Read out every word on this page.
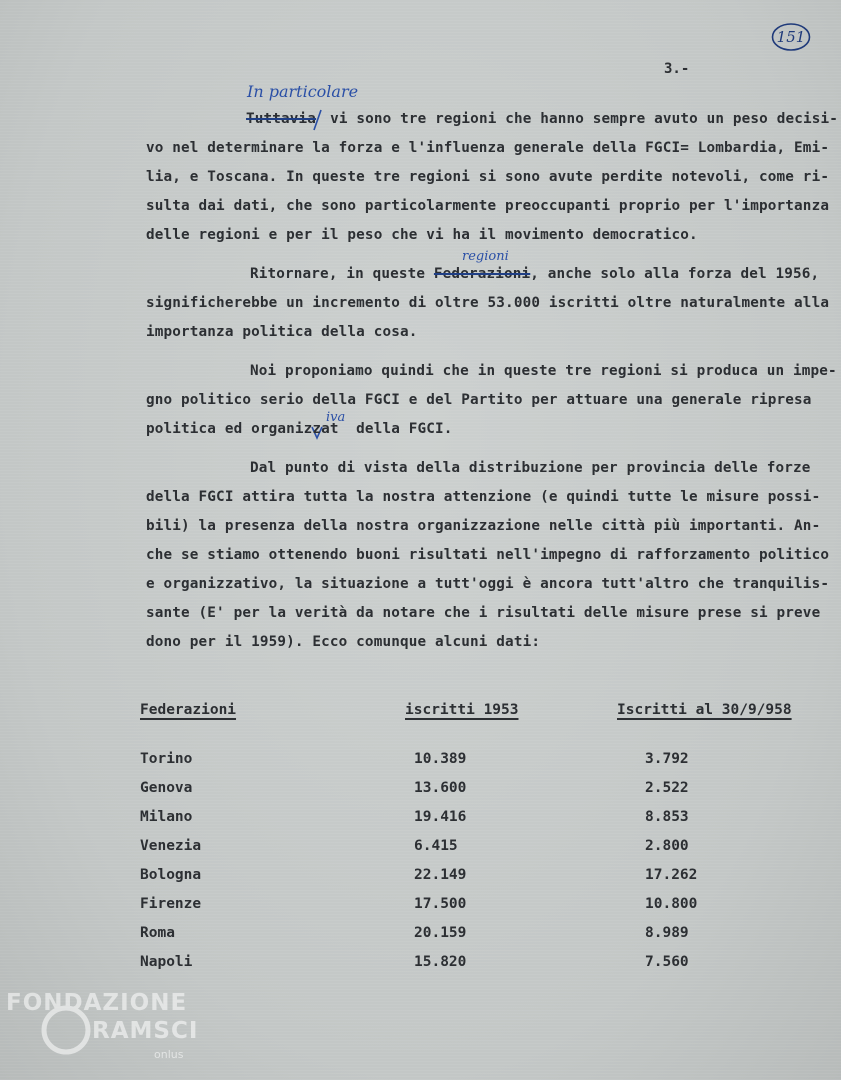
151
3.-
In particolare
regioni
iva
Tuttavia vi sono tre regioni che hanno sempre avuto un peso decisi-
vo nel determinare la forza e l'influenza generale della FGCI= Lombardia, Emi-
lia, e Toscana. In queste tre regioni si sono avute perdite notevoli, come ri-
sulta dai dati, che sono particolarmente preoccupanti proprio per l'importanza
delle regioni e per il peso che vi ha il movimento democratico.
Ritornare, in queste Federazioni, anche solo alla forza del 1956,
significherebbe un incremento di oltre 53.000 iscritti oltre naturalmente alla
importanza politica della cosa.
Noi proponiamo quindi che in queste tre regioni si produca un impe-
gno politico serio della FGCI e del Partito per attuare una generale ripresa
politica ed organizzat  della FGCI.
Dal punto di vista della distribuzione per provincia delle forze
della FGCI attira tutta la nostra attenzione (e quindi tutte le misure possi-
bili) la presenza della nostra organizzazione nelle città più importanti. An-
che se stiamo ottenendo buoni risultati nell'impegno di rafforzamento politico
e organizzativo, la situazione a tutt'oggi è ancora tutt'altro che tranquilis-
sante (E' per la verità da notare che i risultati delle misure prese si preve
dono per il 1959). Ecco comunque alcuni dati:
Federazioni	iscritti 1953	Iscritti al 30/9/958
Torino	10.389	3.792
Genova	13.600	2.522
Milano	19.416	8.853
Venezia	6.415	2.800
Bologna	22.149	17.262
Firenze	17.500	10.800
Roma	20.159	8.989
Napoli	15.820	7.560
FONDAZIONE
RAMSCI
onlus
